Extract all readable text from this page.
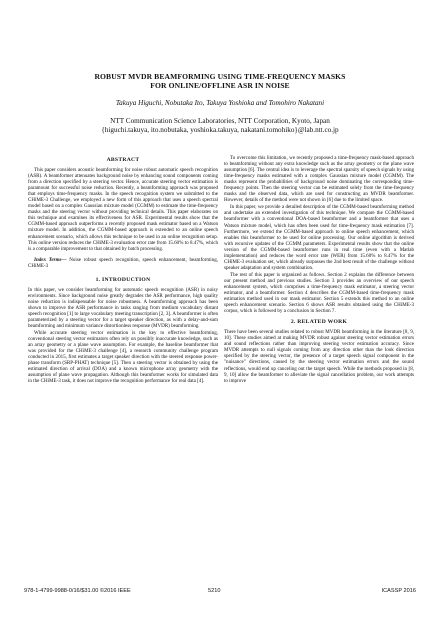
ROBUST MVDR BEAMFORMING USING TIME-FREQUENCY MASKS
FOR ONLINE/OFFLINE ASR IN NOISE
Takuya Higuchi, Nobutaka Ito, Takuya Yoshioka and Tomohiro Nakatani
NTT Communication Science Laboratories, NTT Corporation, Kyoto, Japan
{higuchi.takuya, ito.nobutaka, yoshioka.takuya, nakatani.tomohiko}@lab.ntt.co.jp
ABSTRACT

This paper considers acoustic beamforming for noise robust automatic speech recognition (ASR). A beamformer attenuates background noise by enhancing sound components coming from a direction specified by a steering vector. Hence, accurate steering vector estimation is paramount for successful noise reduction. Recently, a beamforming approach was proposed that employs time-frequency masks. In the speech recognition system we submitted to the CHiME-3 Challenge, we employed a new form of this approach that uses a speech spectral model based on a complex Gaussian mixture model (CGMM) to estimate the time-frequency masks and the steering vector without providing technical details. This paper elaborates on this technique and examines its effectiveness for ASR. Experimental results show that the CGMM-based approach outperforms a recently proposed mask estimator based on a Watson mixture model. In addition, the CGMM-based approach is extended to an online speech enhancement scenario, which allows this technique to be used in an online recognition setup. This online version reduces the CHiME-3 evaluation error rate from 15.60% to 8.47%, which is a comparable improvement to that obtained by batch processing.

Index Terms— Noise robust speech recognition, speech enhancement, beamforming, CHiME-3

1. INTRODUCTION

In this paper, we consider beamforming for automatic speech recognition (ASR) in noisy environments. Since background noise greatly degrades the ASR performance, high quality noise reduction is indispensable for noise robustness. A beamforming approach has been shown to improve the ASR performance in tasks ranging from medium vocabulary distant speech recognition [1] to large vocabulary meeting transcription [2, 3]. A beamformer is often parameterized by a steering vector for a target speaker direction, as with a delay-and-sum beamforming and minimum variance distortionless response (MVDR) beamforming.

While accurate steering vector estimation is the key to effective beamforming, conventional steering vector estimators often rely on possibly inaccurate knowledge, such as an array geometry or a plane wave assumption. For example, the baseline beamformer that was provided for the CHiME-3 challenge [4], a research community challenge program conducted in 2015, first estimates a target speaker direction with the steered response power-phase transform (SRP-PHAT) technique [5]. Then a steering vector is obtained by using the estimated direction of arrival (DOA) and a known microphone array geometry with the assumption of plane wave propagation. Although this beamformer works for simulated data in the CHiME-3 task, it does not improve the recognition performance for real data [4].

To overcome this limitation, we recently proposed a time-frequency mask-based approach to beamforming without any extra knowledge such as the array geometry or the plane wave assumption [6]. The central idea is to leverage the spectral sparsity of speech signals by using time-frequency masks estimated with a complex Gaussian mixture model (CGMM). The masks represent the probabilities of background noise dominating the corresponding time-frequency points. Then the steering vector can be estimated solely from the time-frequency masks and the observed data, which are used for constructing an MVDR beamformer. However, details of the method were not shown in [6] due to the limited space.

In this paper, we provide a detailed description of the CGMM-based beamforming method and undertake an extended investigation of this technique. We compare the CGMM-based beamformer with a conventional DOA-based beamformer and a beamformer that uses a Watson mixture model, which has often been used for time-frequency mask estimation [7]. Furthermore, we extend the CGMM-based approach to online speech enhancement, which enables this beamformer to be used for online processing. Our online algorithm is derived with recursive updates of the CGMM parameters. Experimental results show that the online version of the CGMM-based beamformer runs in real time (even with a Matlab implementation) and reduces the word error rate (WER) from 15.60% to 8.47% for the CHiME-3 evaluation set, which already surpasses the 2nd best result of the challenge without speaker adaptation and system combination.

The rest of this paper is organized as follows. Section 2 explains the difference between our present method and previous studies. Section 3 provides an overview of our speech enhancement system, which comprises a time-frequency mask estimator, a steering vector estimator, and a beamformer. Section 4 describes the CGMM-based time-frequency mask estimation method used in our mask estimator. Section 5 extends this method to an online speech enhancement scenario. Section 6 shows ASR results obtained using the CHiME-3 corpus, which is followed by a conclusion in Section 7.

2. RELATED WORK

There have been several studies related to robust MVDR beamforming in the literature [8, 9, 10]. These studies aimed at making MVDR robust against steering vector estimation errors and sound reflections rather than improving steering vector estimation accuracy. Since MVDR attempts to null signals coming from any direction other than the look direction specified by the steering vector, the presence of a target speech signal component in the "nuisance" directions, caused by the steering vector estimation errors and the sound reflections, would end up canceling out the target speech. While the methods proposed in [8, 9, 10] allow the beamformer to alleviate the signal cancellation problem, our work attempts to improve

978-1-4799-9988-0/16/$31.00 ©2016 IEEE	5210	ICASSP 2016
